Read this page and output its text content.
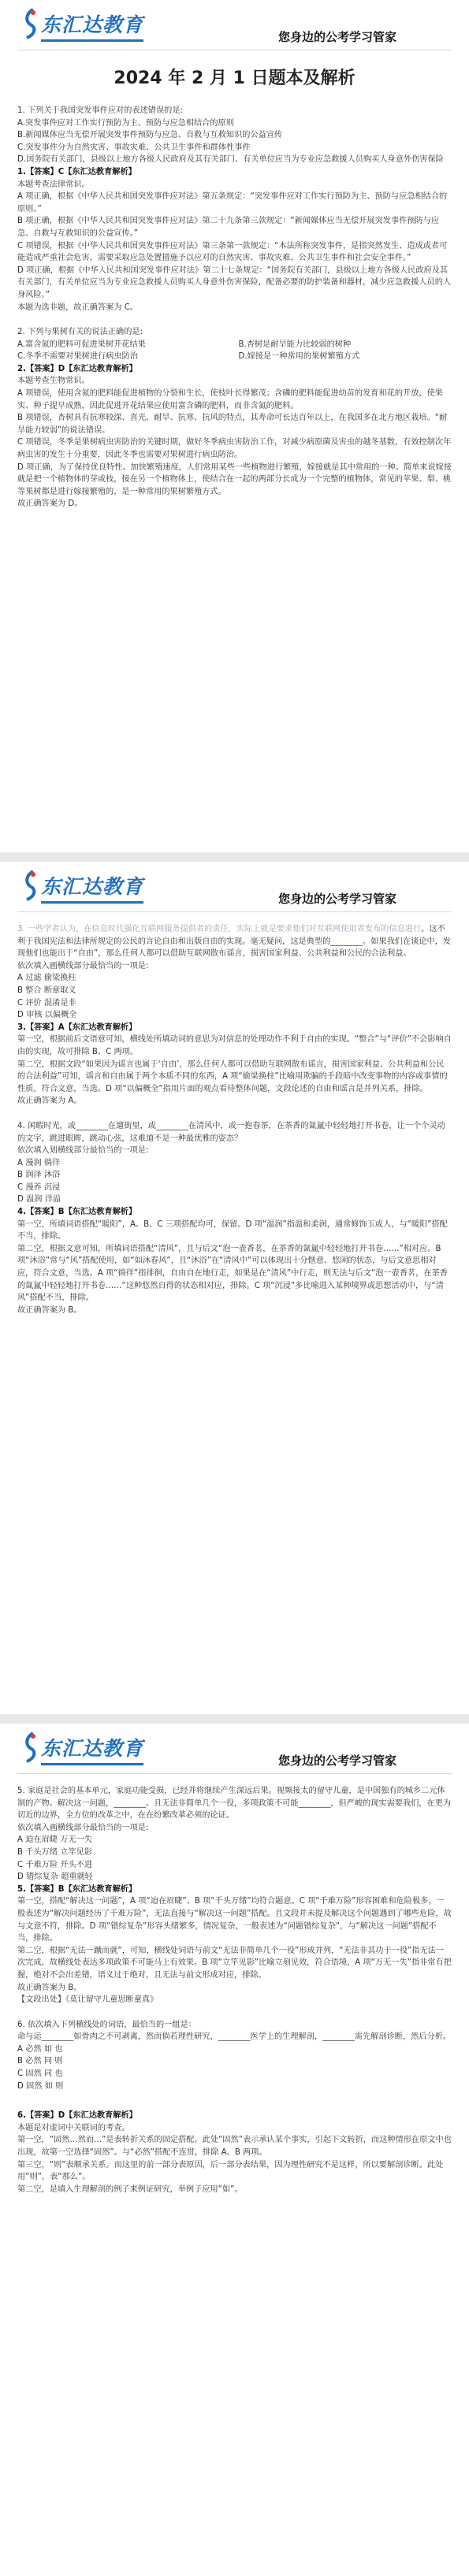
东汇达教育
您身边的公考学习管家
2024 年 2 月 1 日题本及解析

1. 下列关于我国突发事件应对的表述错误的是:

A.突发事件应对工作实行预防为主、预防与应急相结合的原则

B.新闻媒体应当无偿开展突发事件预防与应急、自救与互救知识的公益宣传

C.突发事件分为自然灾害、事故灾难、公共卫生事件和群体性事件

D.国务院有关部门，县级以上地方各级人民政府及其有关部门、有关单位应当为专业应急救援人员购买人身意外伤害保险

1.【答案】C【东汇达教育解析】

本题考查法律常识。

A 项正确，根据《中华人民共和国突发事件应对法》第五条规定：“突发事件应对工作实行预防为主、预防与应急相结合的原则。”

B 项正确，根据《中华人民共和国突发事件应对法》第二十九条第三款规定：“新闻媒体应当无偿开展突发事件预防与应急、自救与互救知识的公益宣传。”

C 项错误，根据《中华人民共和国突发事件应对法》第三条第一款规定：“本法所称突发事件，是指突然发生、造成或者可能造成严重社会危害，需要采取应急处置措施予以应对的自然灾害、事故灾难、公共卫生事件和社会安全事件。”

D 项正确，根据《中华人民共和国突发事件应对法》第二十七条规定：“国务院有关部门，县级以上地方各级人民政府及其有关部门，有关单位应当为专业应急救援人员购买人身意外伤害保险，配备必要的防护装备和器材，减少应急救援人员的人身风险。”

本题为选非题，故正确答案为 C。

2. 下列与果树有关的说法正确的是:

A.富含氮的肥料可促进果树开花结果	B.杏树是耐旱能力比较弱的树种

C.冬季不需要对果树进行病虫防治	D.嫁接是一种常用的果树繁殖方式

2.【答案】D【东汇达教育解析】

本题考查生物常识。

A 项错误，使用含氮的肥料能促进植物的分裂和生长，使枝叶长得繁茂；含磷的肥料能促进幼苗的发育和花的开放，使果实、种子提早成熟，因此促进开花结果应使用富含磷的肥料，而非含氮的肥料。

B 项错误，杏树具有抗寒较深、喜光、耐旱、抗寒、抗风的特点，其寿命可长达百年以上，在我国多在北方地区栽培。“耐旱能力较弱”的说法错误。

C 项错误，冬季是果树病虫害防治的关键时期，做好冬季病虫害防治工作，对减少病原菌及害虫的越冬基数，有效控制次年病虫害的发生十分重要，因此冬季也需要对果树进行病虫防治。

D 项正确，为了保持优良特性、加快繁殖速度，人们常用某些一些植物进行繁殖，嫁接就是其中常用的一种。简单来说嫁接就是把一个植物体的芽或枝，接在另一个植物体上，使结合在一起的两部分长成为一个完整的植物体，常见的苹果、梨、桃等果树都是进行嫁接繁殖的，是一种常用的果树繁殖方式。

故正确答案为 D。

东汇达教育
您身边的公考学习管家

3. 一些学者认为，在信息时代强化互联网服务提供者的责任，实际上就是要求他们对互联网使用者发布的信息进行。这不利于我国宪法和法律所规定的公民的言论自由和出版自由的实现。毫无疑问，这是典型的________。如果我们在谈论中，发现他们也能出于“自由”，那么任何人都可以借助互联网散布谣言，损害国家利益、公共利益和公民的合法利益。

依次填入画横线部分最恰当的一项是:

A 过滤 偷梁换柱

B 整合 断章取义

C 评价 混淆是非

D 审核 以偏概全

3.【答案】A【东汇达教育解析】

第一空，根据前后文语意可知，横线处所填动词的意思为对信息的处理动作不利于自由的实现。“整合”与“评价”不会影响自由的实现，故可排除 B、C 两项。

第二空，根据文段“如果因为谣言也属于‘自由’，那么任何人都可以借助互联网散布谣言，损害国家利益、公共利益和公民的合法利益”可知，谣言和自由属于两个本质不同的东西，A 项“偷梁换柱”比喻用欺骗的手段暗中改变事物的内容或事情的性质，符合文意，当选。D 项“以偏概全”指用片面的观点看待整体问题，文段论述的自由和谣言是并列关系，排除。

故正确答案为 A。

4. 闲暇时光，或________在遛街里，或________在清风中，或一抱春茶，在茶香的氤氲中轻轻地打开书卷，让一个个灵动的文字，跳进眼眸，跳动心弦，这难道不是一种最优雅的姿态？

依次填入划横线部分最恰当的一项是:

A 漫润 徜徉

B 润泽 沐浴

C 漫养 沉浸

D 温润 洋溢

4.【答案】B【东汇达教育解析】

第一空，所填词语搭配“暖阳”，A、B、C 三项搭配均可，保留。D 项“温润”指温和柔润，通常修饰玉或人，与“暖阳”搭配不当，排除。

第二空，根据文意可知，所填词语搭配“清风”，且与后文“泡一壶香茗，在茶香的氤氲中轻轻地打开书卷……”相对应。B 项“沐浴”常与“风”搭配使用，如“如沐春风”，且“沐浴”在“清风中”可以体现出十分惬意、悠闲的状态，与后文意思相对应，符合文意，当选。A 项“徜徉”指徘徊，自由自在地行走，如果是在“清风”中行走，则无法与后文“泡一壶香茗，在茶香的氤氲中轻轻地打开书卷……”这种悠然自得的状态相对应，排除。C 项“沉浸”多比喻进入某种境界或思想活动中，与“清风”搭配不当，排除。

故正确答案为 B。

东汇达教育
您身边的公考学习管家

5. 家庭是社会的基本单元，家庭功能受损，已经并将继续产生深远后果。视频接太的留守儿童，是中国独有的城乡二元体制的产物。解决这一问题，________。且无法非简单几个一役，多项政策不可能________，但严峻的现实需要我们，在更为切近的边界，全方位的改革之中，在在纷繁改革必须的论证。

依次填入画横线部分最恰当的一项是:

A 迫在眉睫 万无一失

B 千头万绪 立竿见影

C 千难万险 开头不进

D 错综复杂 超重就轻

5.【答案】B【东汇达教育解析】

第一空，搭配“解决这一问题”，A 项“迫在眉睫”、B 项“千头万绪”均符合题意。C 项“千难万险”形容困难和危险极多，一般表述为“解决问题经历了千难万险”，无法直接与“解决这一问题”搭配。且文段并未提及解决这个问题遇到了哪些危险，故与文意不符，排除。D 项“错综复杂”形容头绪繁多，情况复杂，一般表述为“问题错综复杂”，与“解决这一问题”搭配不当，排除。

第二空，根据“无法一蹴而就”，可知，横线处词语与前文“无法非简单几个一役”形成并列，“无法非其功于一役”指无法一次完成，故横线处表达多项政策不可能马上有效果。B 项“立竿见影”比喻立刻见效，符合语境，A 项“万无一失”指非常有把握，绝对不会出差错，语义过于绝对，且无法与前文形成对应，排除。

故正确答案为 B。

【文段出处】《莫让留守儿童思断童真》

6. 依次填入下列横线处的词语，最恰当的一组是：

命与运________如骨肉之不可剥离，然而倘若理性研究，________医学上的生理解剖，________需先解剖诊断，然后分析。

A 必然 如 也

B 必然 同 则

C 固然 同 也

D 固然 如 则

6.【答案】D【东汇达教育解析】

本题是对虚词中关联词的考查。

第一空，“固然…然而…”是表转折关系的固定搭配。此处“固然”表示承认某个事实，引起下文转折，而这种情形在原文中也出现，故第一空选择“固然”。与“必然”搭配不连贯，排除 A、B 两项。

第三空，“则”表顺承关系。而这里的前一部分表原因，后一部分表结果，因为理性研究不是这样，所以要解剖诊断。此处用“则”，表“那么”。

第二空，是填入生理解剖的例子来例证研究，举例子应用“如”。
